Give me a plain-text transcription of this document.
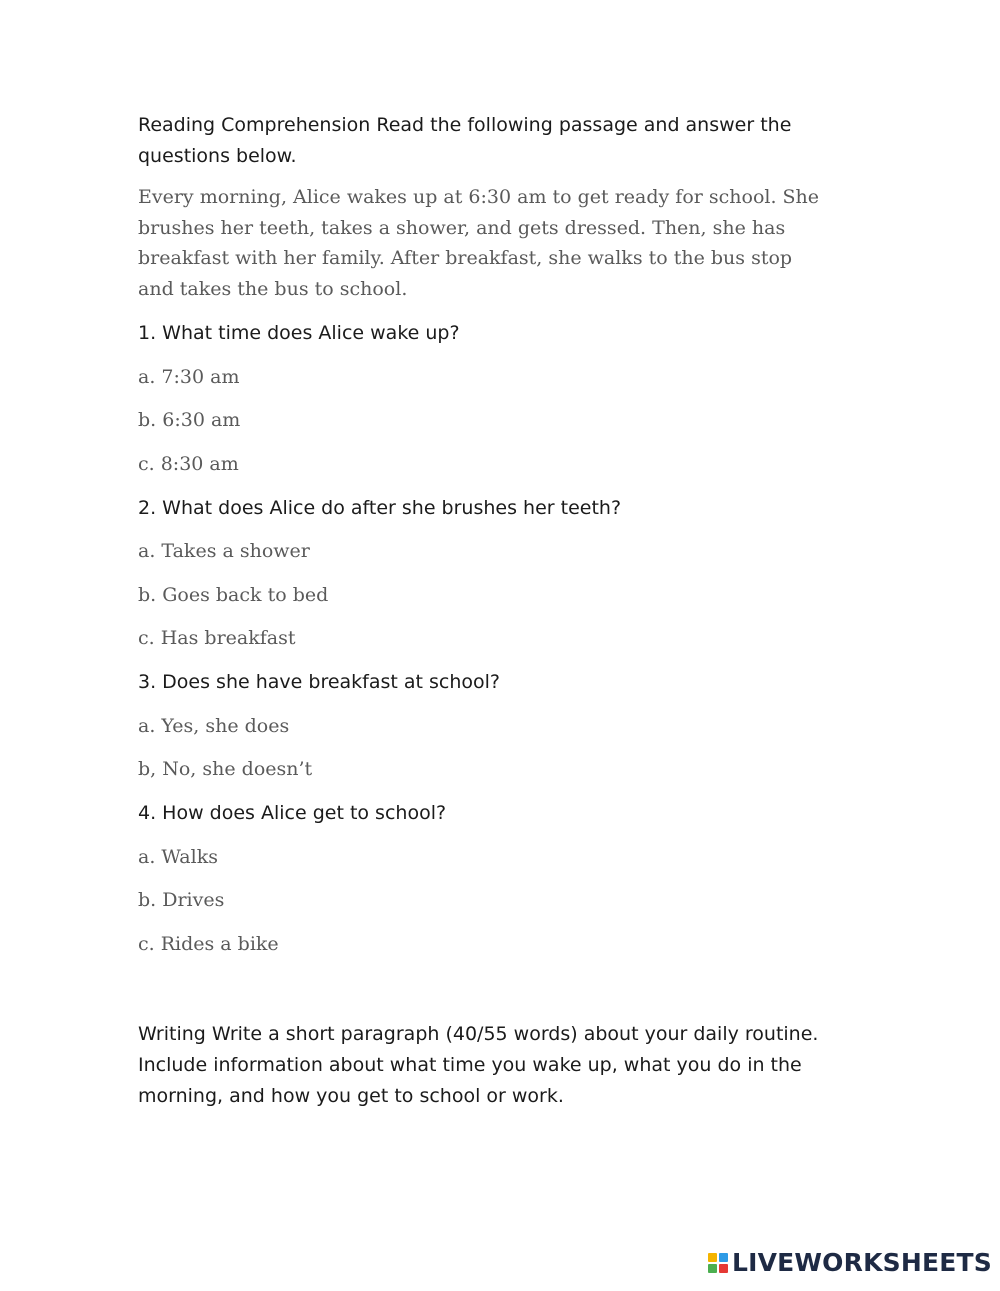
Reading Comprehension Read the following passage and answer the

questions below.

Every morning, Alice wakes up at 6:30 am to get ready for school. She

brushes her teeth, takes a shower, and gets dressed. Then, she has

breakfast with her family. After breakfast, she walks to the bus stop

and takes the bus to school.

1. What time does Alice wake up?

a. 7:30 am

b. 6:30 am

c. 8:30 am

2. What does Alice do after she brushes her teeth?

a. Takes a shower

b. Goes back to bed

c. Has breakfast

3. Does she have breakfast at school?

a. Yes, she does

b, No, she doesn’t

4. How does Alice get to school?

a. Walks

b. Drives

c. Rides a bike

Writing Write a short paragraph (40/55 words) about your daily routine.

Include information about what time you wake up, what you do in the

morning, and how you get to school or work.

LIVEWORKSHEETS
